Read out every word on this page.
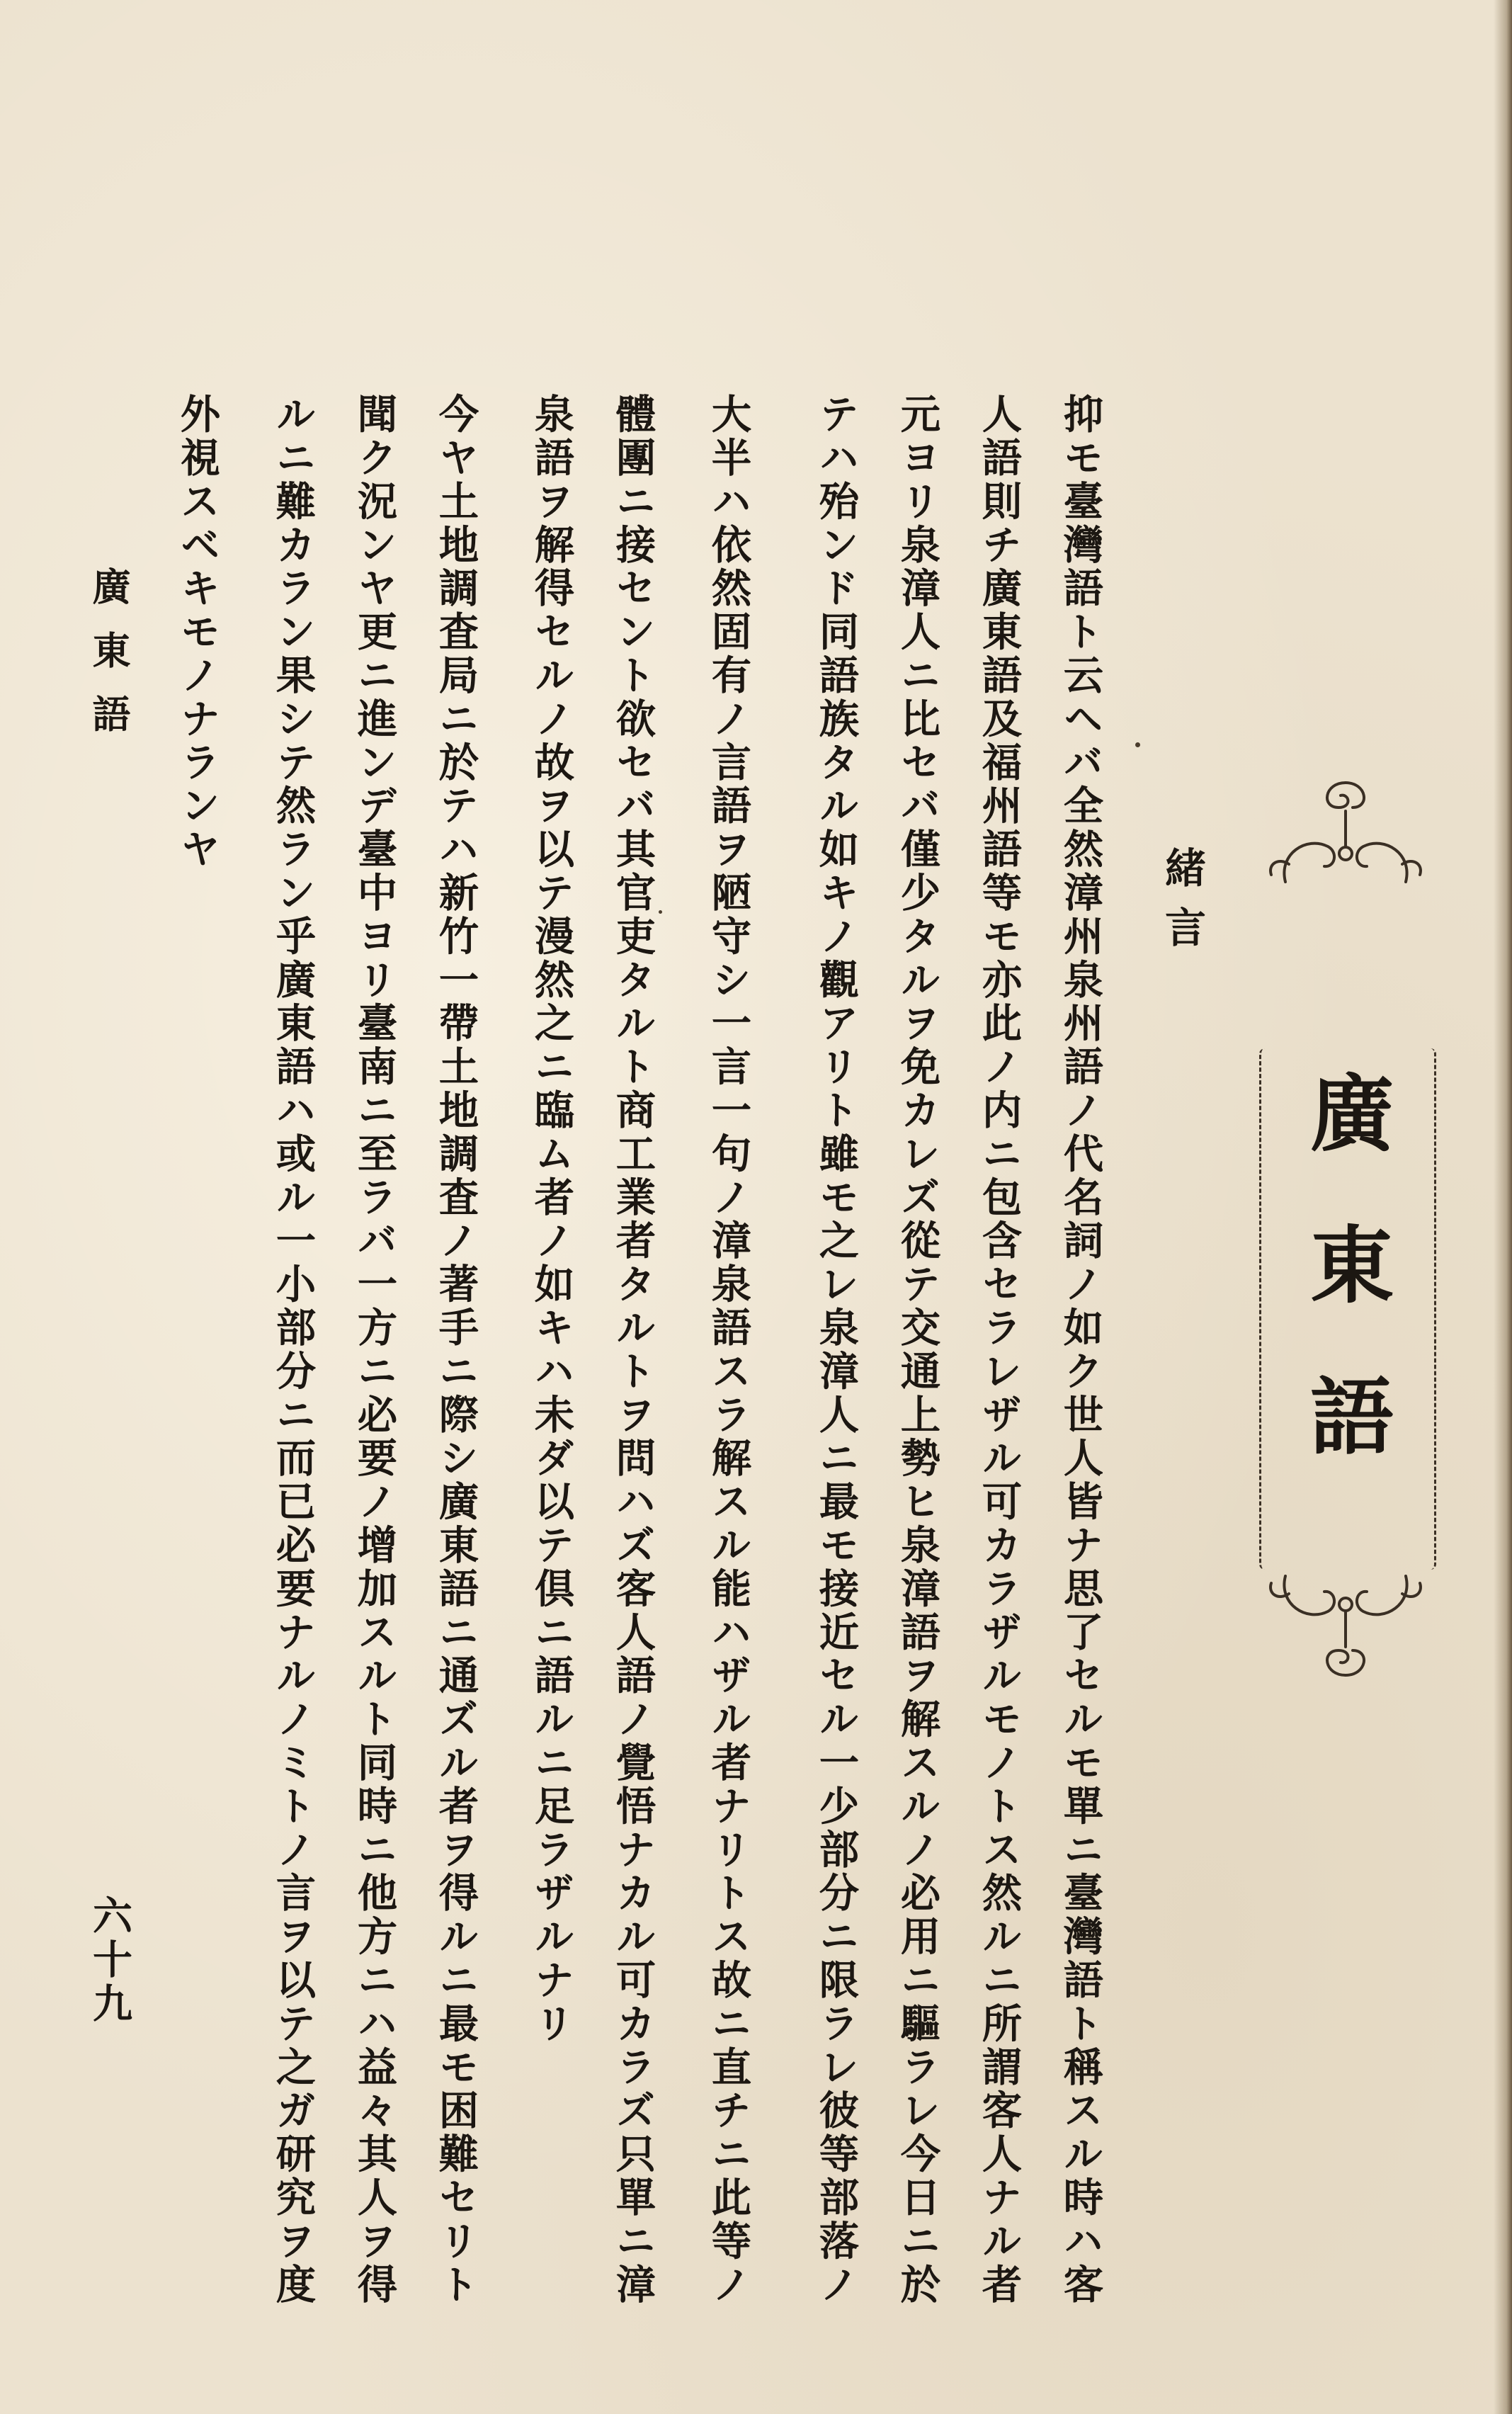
廣東語
緒言
抑モ臺灣語ト云ヘバ全然漳州泉州語ノ代名詞ノ如ク世人皆ナ思了セルモ單ニ臺灣語ト稱スル時ハ客
人語則チ廣東語及福州語等モ亦此ノ内ニ包含セラレザル可カラザルモノトス然ルニ所謂客人ナル者
元ヨリ泉漳人ニ比セバ僅少タルヲ免カレズ從テ交通上勢ヒ泉漳語ヲ解スルノ必用ニ驅ラレ今日ニ於
テハ殆ンド同語族タル如キノ觀アリト雖モ之レ泉漳人ニ最モ接近セル一少部分ニ限ラレ彼等部落ノ
大半ハ依然固有ノ言語ヲ陋守シ一言一句ノ漳泉語スラ解スル能ハザル者ナリトス故ニ直チニ此等ノ
體團ニ接セント欲セバ其官吏タルト商工業者タルトヲ問ハズ客人語ノ覺悟ナカル可カラズ只單ニ漳
泉語ヲ解得セルノ故ヲ以テ漫然之ニ臨ム者ノ如キハ未ダ以テ倶ニ語ルニ足ラザルナリ
今ヤ土地調査局ニ於テハ新竹一帶土地調査ノ著手ニ際シ廣東語ニ通ズル者ヲ得ルニ最モ困難セリト
聞ク況ンヤ更ニ進ンデ臺中ヨリ臺南ニ至ラバ一方ニ必要ノ增加スルト同時ニ他方ニハ益々其人ヲ得
ルニ難カラン果シテ然ラン乎廣東語ハ或ル一小部分ニ而已必要ナルノミトノ言ヲ以テ之ガ研究ヲ度
外視スベキモノナランヤ
廣東語
六十九
